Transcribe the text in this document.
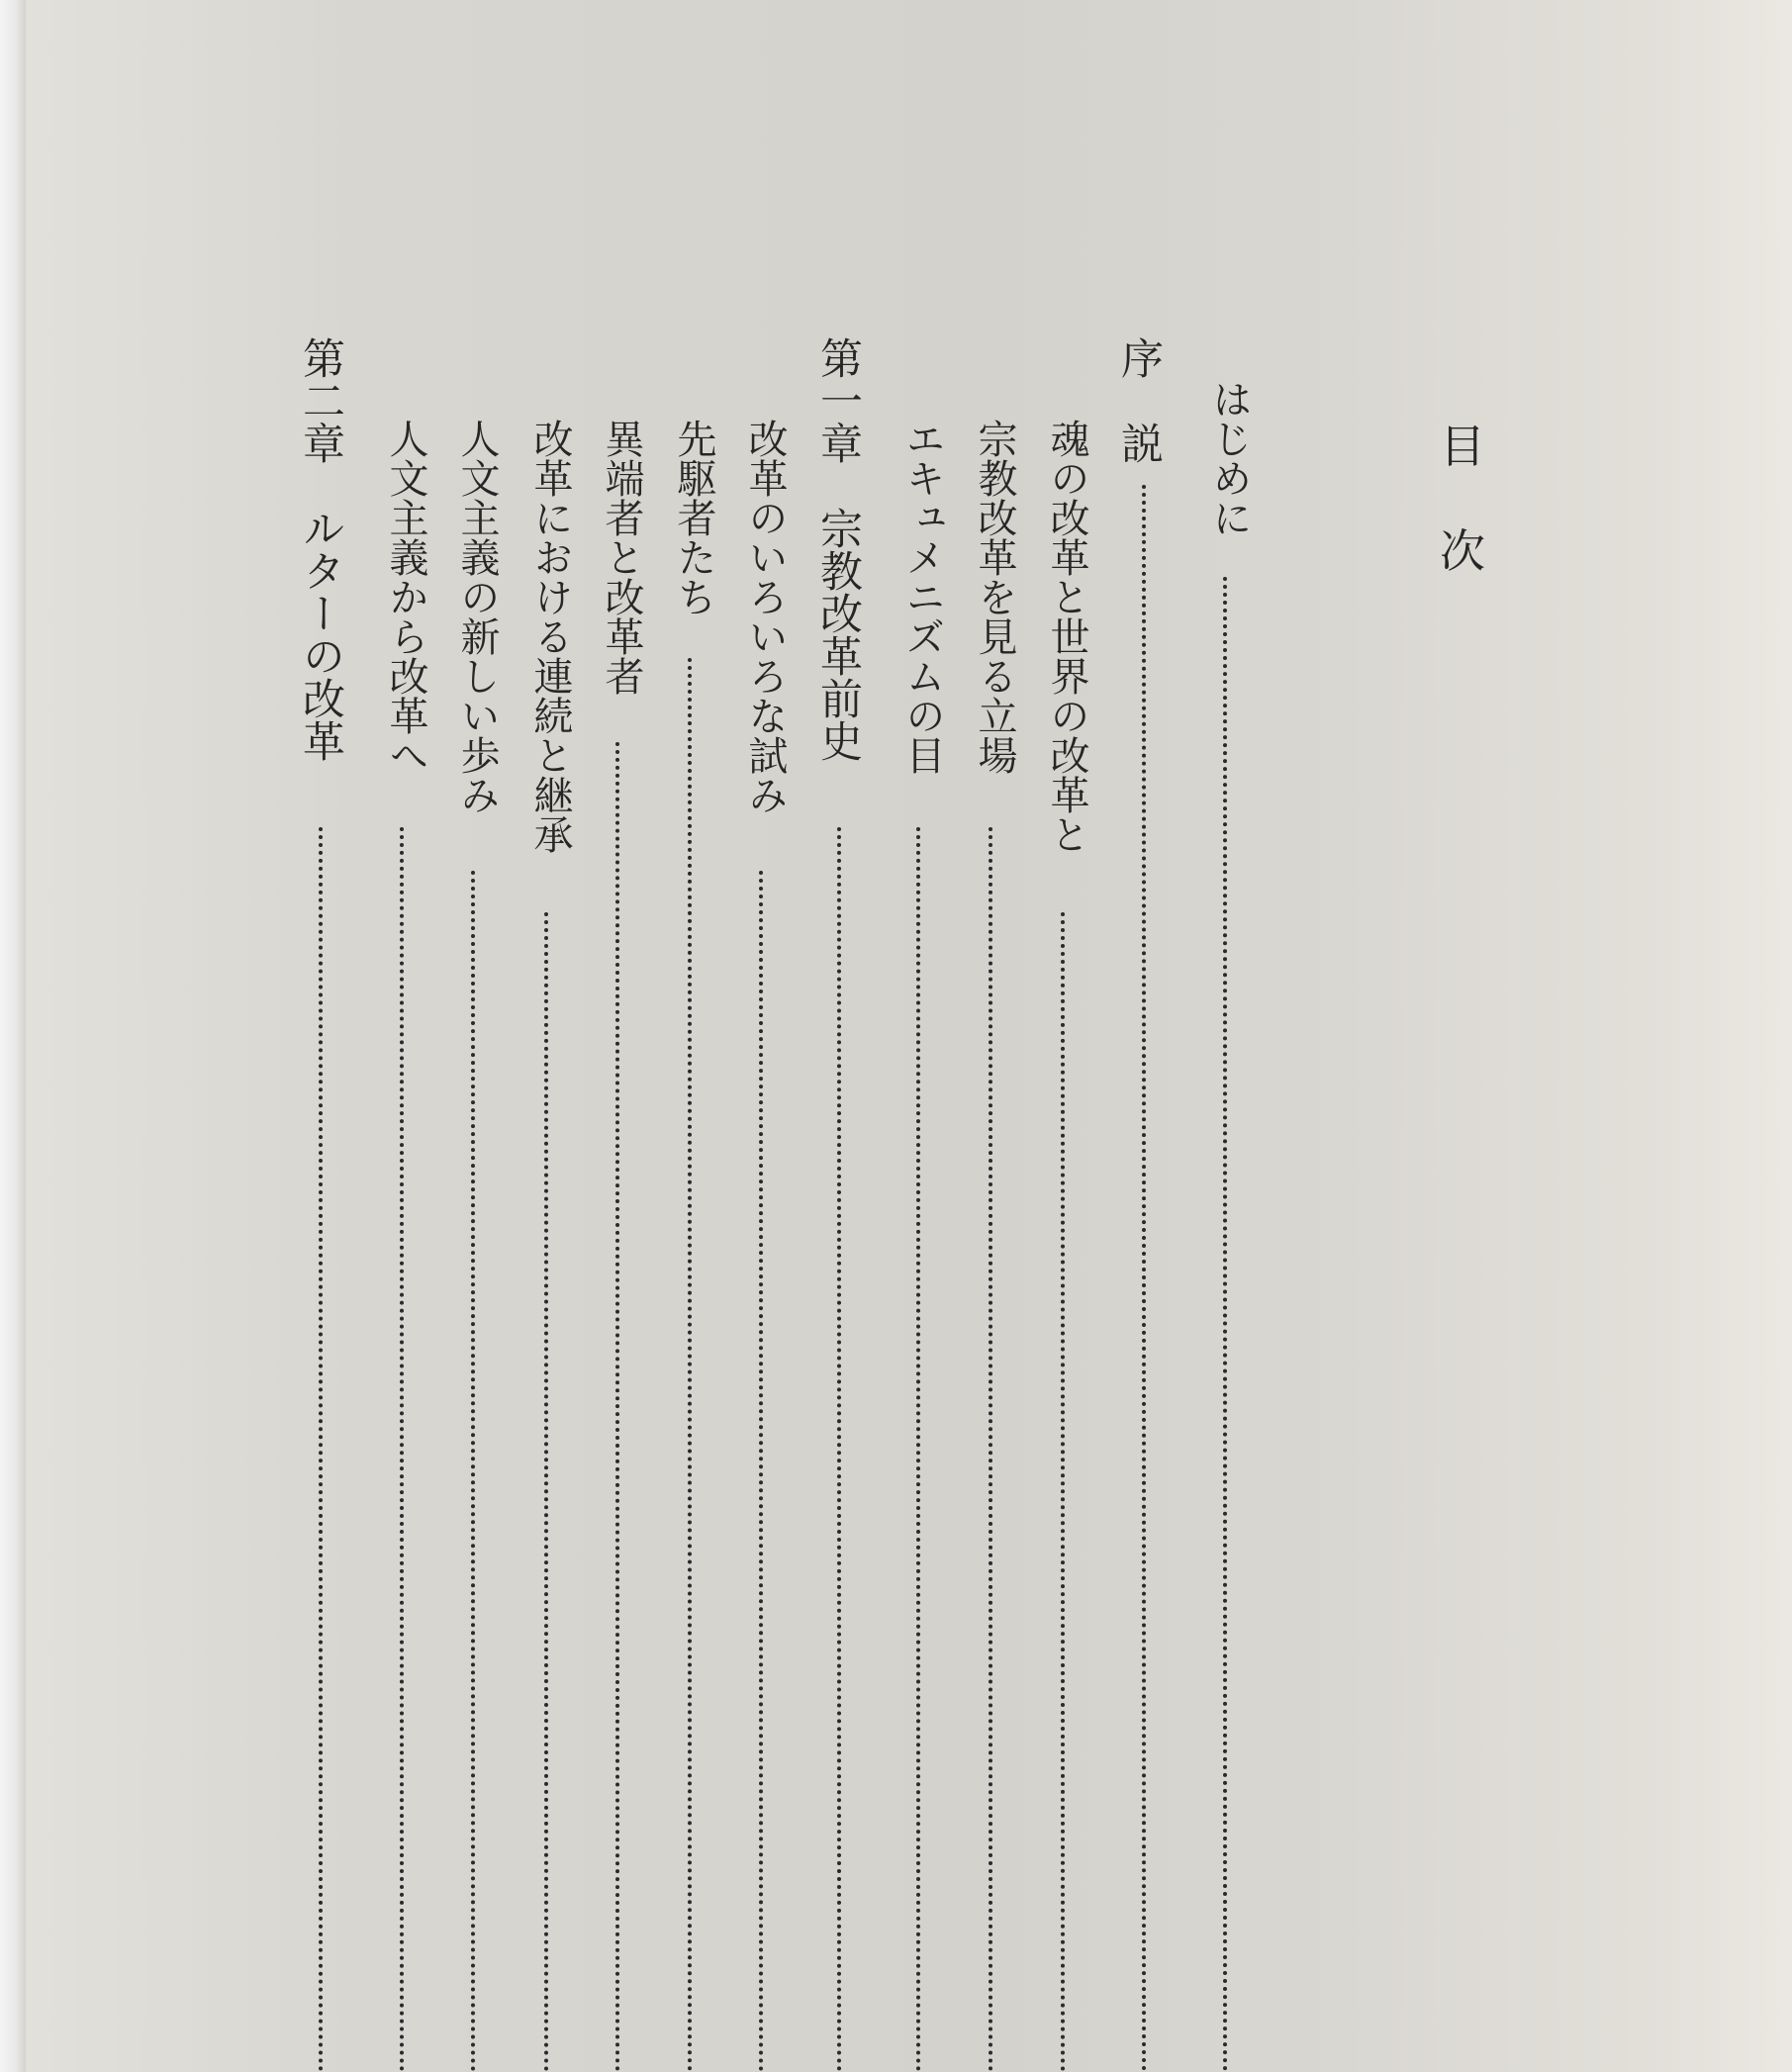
目
次
はじめに
序　説
魂の改革と世界の改革と
宗教改革を見る立場
エキュメニズムの目
第一章　宗教改革前史
改革のいろいろな試み
先駆者たち
異端者と改革者
改革における連続と継承
人文主義の新しい歩み
人文主義から改革へ
第二章　ルターの改革
